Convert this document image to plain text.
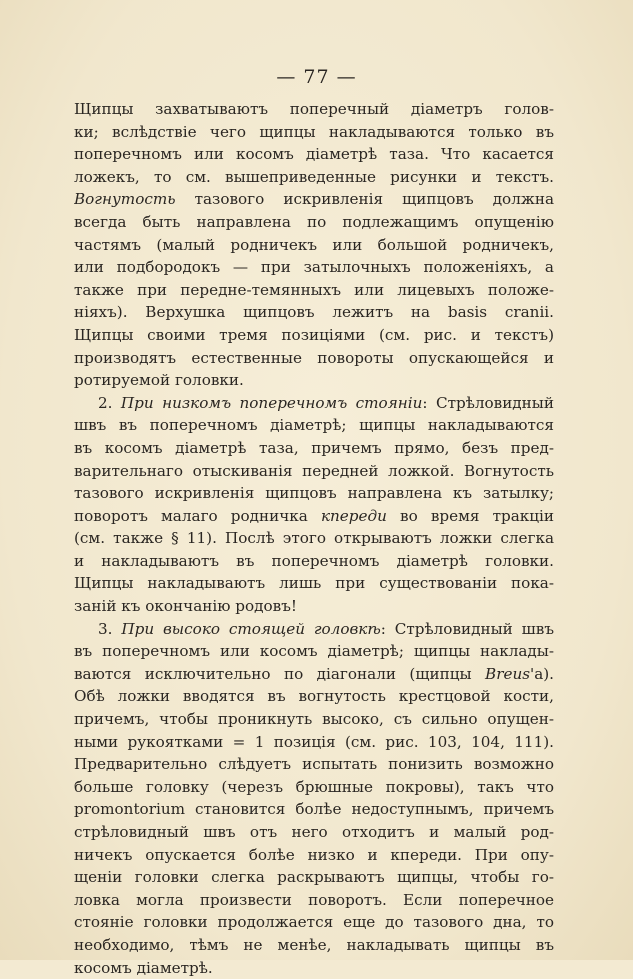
— 77 —
Щипцы захватываютъ поперечный діаметръ голов-
ки; вслѣдствіе чего щипцы накладываются только въ
поперечномъ или косомъ діаметрѣ таза. Что касается
ложекъ, то см. вышеприведенные рисунки и текстъ.
Вогнутость тазового искривленія щипцовъ должна
всегда быть направлена по подлежащимъ опущенію
частямъ (малый родничекъ или большой родничекъ,
или подбородокъ — при затылочныхъ положеніяхъ, а
также при передне-темянныхъ или лицевыхъ положе-
ніяхъ). Верхушка щипцовъ лежитъ на basis cranii.
Щипцы своими тремя позиціями (см. рис. и текстъ)
производятъ естественные повороты опускающейся и
ротируемой головки.
2. При низкомъ поперечномъ стояніи: Стрѣловидный
швъ въ поперечномъ діаметрѣ; щипцы накладываются
въ косомъ діаметрѣ таза, причемъ прямо, безъ пред-
варительнаго отыскиванія передней ложкой. Вогнутость
тазового искривленія щипцовъ направлена къ затылку;
поворотъ малаго родничка кпереди во время тракціи
(см. также § 11). Послѣ этого открываютъ ложки слегка
и накладываютъ въ поперечномъ діаметрѣ головки.
Щипцы накладываютъ лишь при существованіи пока-
заній къ окончанію родовъ!
3. При высоко стоящей головкѣ: Стрѣловидный швъ
въ поперечномъ или косомъ діаметрѣ; щипцы наклады-
ваются исключительно по діагонали (щипцы Breus'а).
Обѣ ложки вводятся въ вогнутость крестцовой кости,
причемъ, чтобы проникнуть высоко, съ сильно опущен-
ными рукоятками = 1 позиція (см. рис. 103, 104, 111).
Предварительно слѣдуетъ испытать понизить возможно
больше головку (черезъ брюшные покровы), такъ что
promontorium становится болѣе недоступнымъ, причемъ
стрѣловидный швъ отъ него отходитъ и малый род-
ничекъ опускается болѣе низко и кпереди. При опу-
щеніи головки слегка раскрываютъ щипцы, чтобы го-
ловка могла произвести поворотъ. Если поперечное
стояніе головки продолжается еще до тазового дна, то
необходимо, тѣмъ не менѣе, накладывать щипцы въ
косомъ діаметрѣ.
